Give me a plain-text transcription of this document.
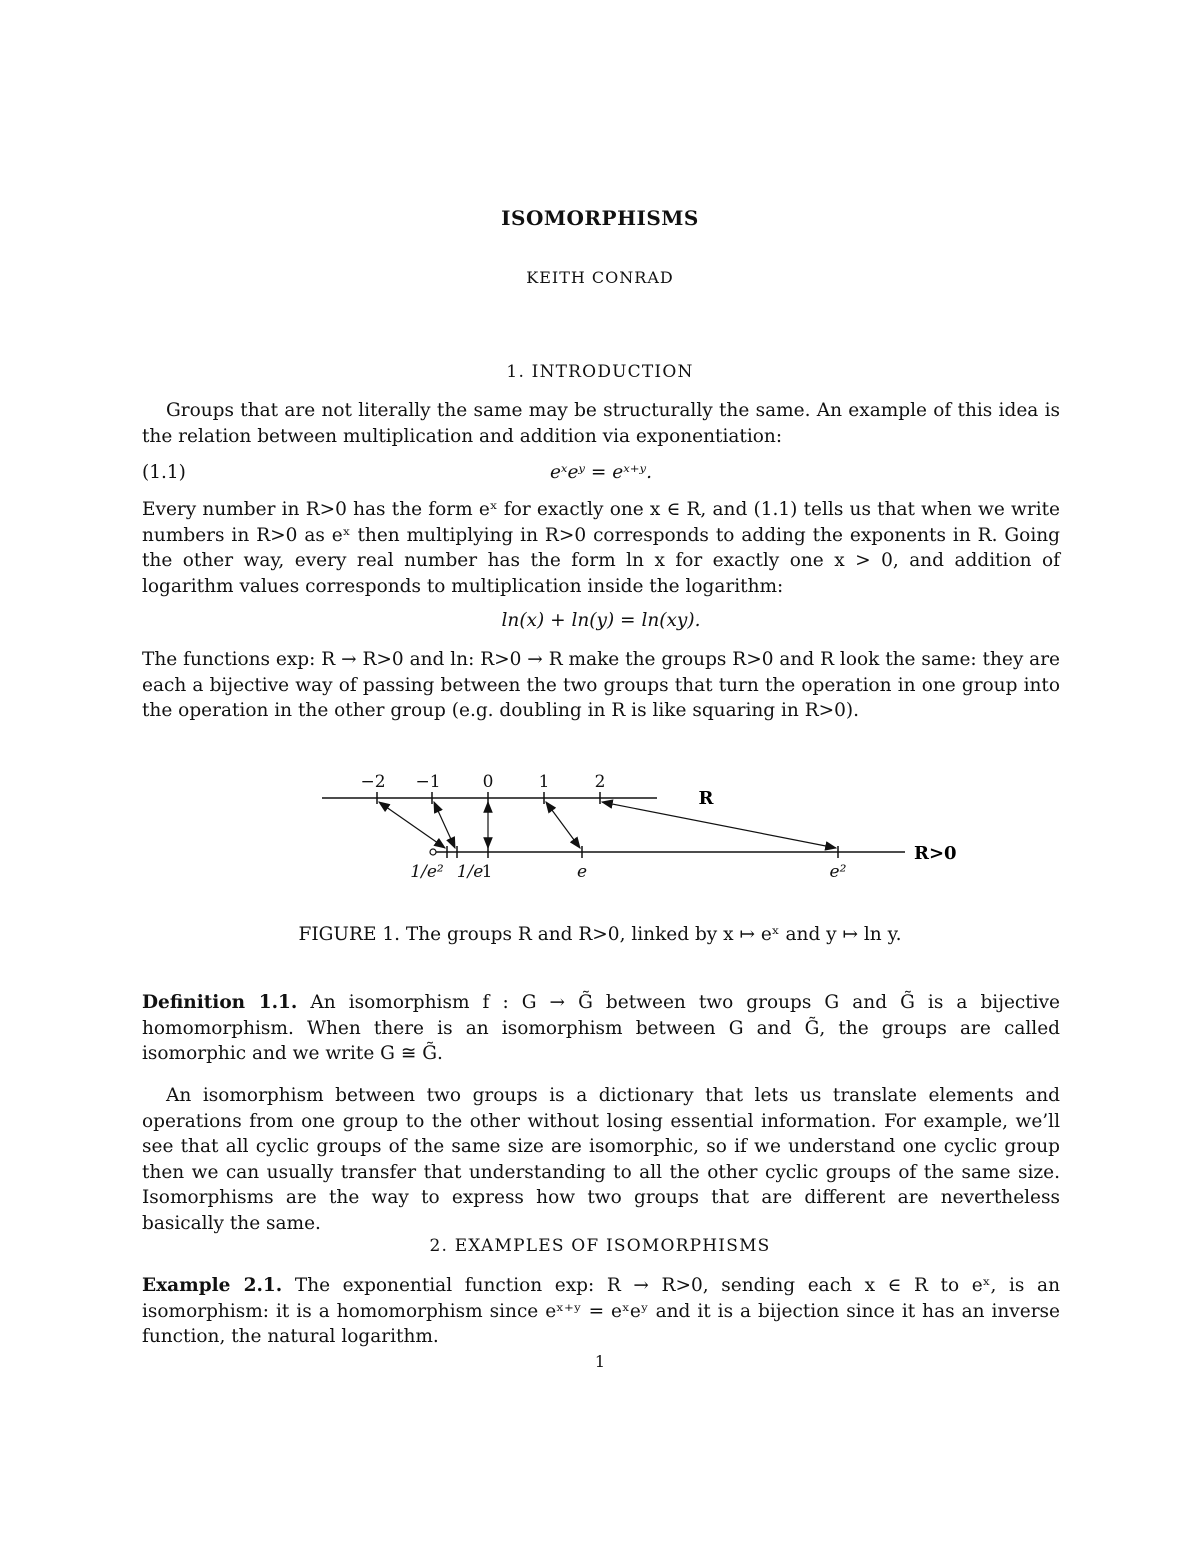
ISOMORPHISMS
KEITH CONRAD
1. INTRODUCTION
Groups that are not literally the same may be structurally the same. An example of this idea is the relation between multiplication and addition via exponentiation:
(1.1)	eˣeʸ = eˣ⁺ʸ.
Every number in R>0 has the form eˣ for exactly one x ∈ R, and (1.1) tells us that when we write numbers in R>0 as eˣ then multiplying in R>0 corresponds to adding the exponents in R. Going the other way, every real number has the form ln x for exactly one x > 0, and addition of logarithm values corresponds to multiplication inside the logarithm:
ln(x) + ln(y) = ln(xy).
The functions exp: R → R>0 and ln: R>0 → R make the groups R>0 and R look the same: they are each a bijective way of passing between the two groups that turn the operation in one group into the operation in the other group (e.g. doubling in R is like squaring in R>0).
−2 −1 0	1	2
R
1/e² 1/e
1	e	e²
R>0
FIGURE 1. The groups R and R>0, linked by x ↦ eˣ and y ↦ ln y.
Definition 1.1. An isomorphism f : G → G̃ between two groups G and G̃ is a bijective homomorphism. When there is an isomorphism between G and G̃, the groups are called isomorphic and we write G ≅ G̃.
An isomorphism between two groups is a dictionary that lets us translate elements and operations from one group to the other without losing essential information. For example, we’ll see that all cyclic groups of the same size are isomorphic, so if we understand one cyclic group then we can usually transfer that understanding to all the other cyclic groups of the same size. Isomorphisms are the way to express how two groups that are different are nevertheless basically the same.
2. EXAMPLES OF ISOMORPHISMS
Example 2.1. The exponential function exp: R → R>0, sending each x ∈ R to eˣ, is an isomorphism: it is a homomorphism since eˣ⁺ʸ = eˣeʸ and it is a bijection since it has an inverse function, the natural logarithm.
1
